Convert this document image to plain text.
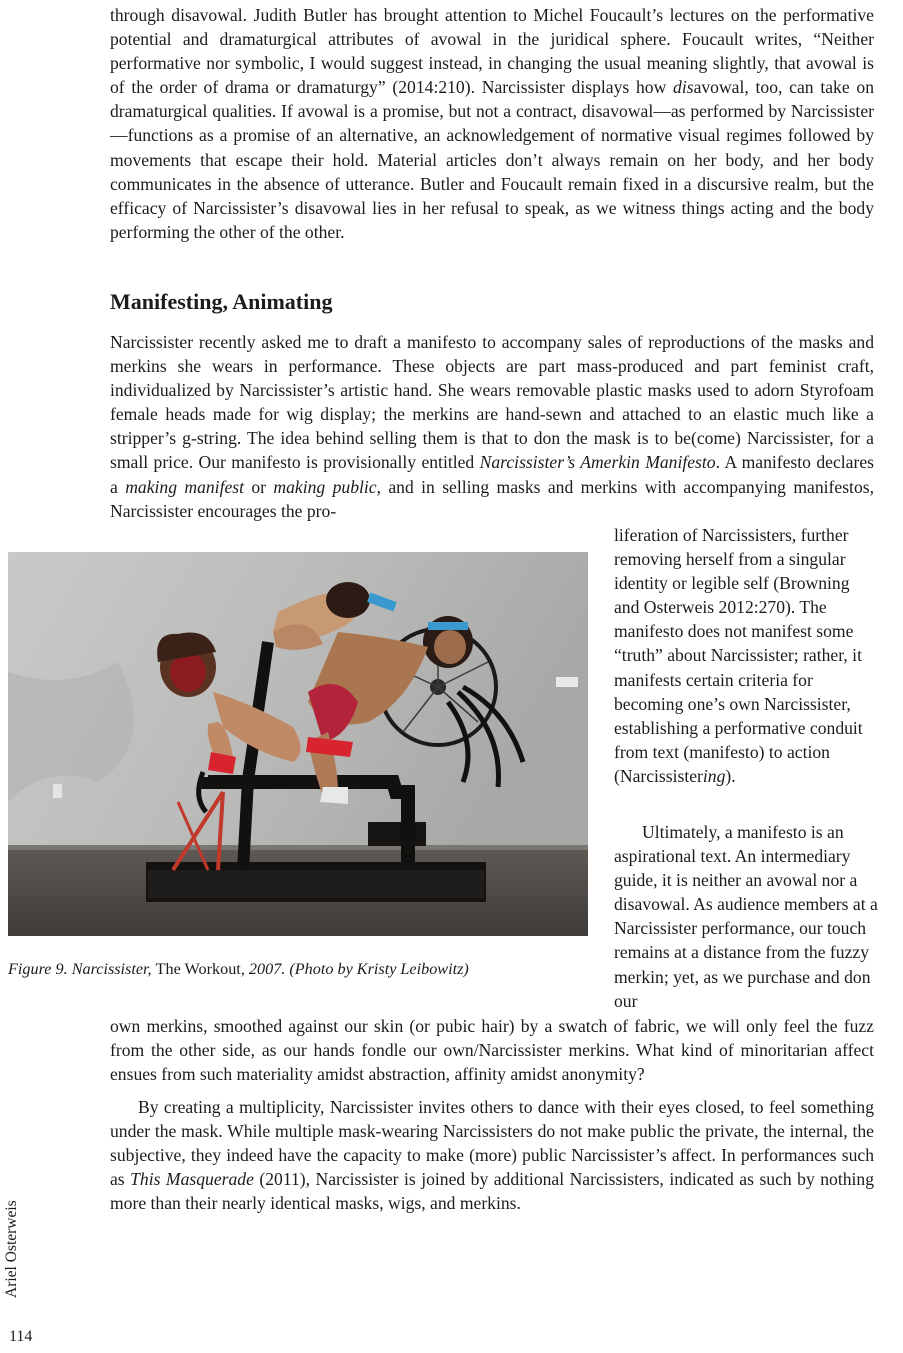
through disavowal. Judith Butler has brought attention to Michel Foucault’s lectures on the performative potential and dramaturgical attributes of avowal in the juridical sphere. Foucault writes, “Neither performative nor symbolic, I would suggest instead, in changing the usual meaning slightly, that avowal is of the order of drama or dramaturgy” (2014:210). Narcissister displays how disavowal, too, can take on dramaturgical qualities. If avowal is a promise, but not a contract, disavowal—as performed by Narcissister—functions as a promise of an alternative, an acknowledgement of normative visual regimes followed by movements that escape their hold. Material articles don’t always remain on her body, and her body communicates in the absence of utterance. Butler and Foucault remain fixed in a discursive realm, but the efficacy of Narcissister’s disavowal lies in her refusal to speak, as we witness things acting and the body performing the other of the other.

Manifesting, Animating

Narcissister recently asked me to draft a manifesto to accompany sales of reproductions of the masks and merkins she wears in performance. These objects are part mass-produced and part feminist craft, individualized by Narcissister’s artistic hand. She wears removable plastic masks used to adorn Styrofoam female heads made for wig display; the merkins are hand-sewn and attached to an elastic much like a stripper’s g-string. The idea behind selling them is that to don the mask is to be(come) Narcissister, for a small price. Our manifesto is provisionally entitled Narcissister’s Amerkin Manifesto. A manifesto declares a making manifest or making public, and in selling masks and merkins with accompanying manifestos, Narcissister encourages the pro-

liferation of Narcissisters, further removing herself from a singular identity or legible self (Browning and Osterweis 2012:270). The manifesto does not manifest some “truth” about Narcissister; rather, it manifests certain criteria for becoming one’s own Narcissister, establishing a performative conduit from text (manifesto) to action (Narcissistering).

Figure 9. Narcissister, The Workout, 2007. (Photo by Kristy Leibowitz)

Ultimately, a manifesto is an aspirational text. An intermediary guide, it is neither an avowal nor a disavowal. As audience members at a Narcissister performance, our touch remains at a distance from the fuzzy merkin; yet, as we purchase and don our

own merkins, smoothed against our skin (or pubic hair) by a swatch of fabric, we will only feel the fuzz from the other side, as our hands fondle our own/Narcissister merkins. What kind of minoritarian affect ensues from such materiality amidst abstraction, affinity amidst anonymity?

By creating a multiplicity, Narcissister invites others to dance with their eyes closed, to feel something under the mask. While multiple mask-wearing Narcissisters do not make public the private, the internal, the subjective, they indeed have the capacity to make (more) public Narcissister’s affect. In performances such as This Masquerade (2011), Narcissister is joined by additional Narcissisters, indicated as such by nothing more than their nearly identical masks, wigs, and merkins.

Ariel Osterweis

114
